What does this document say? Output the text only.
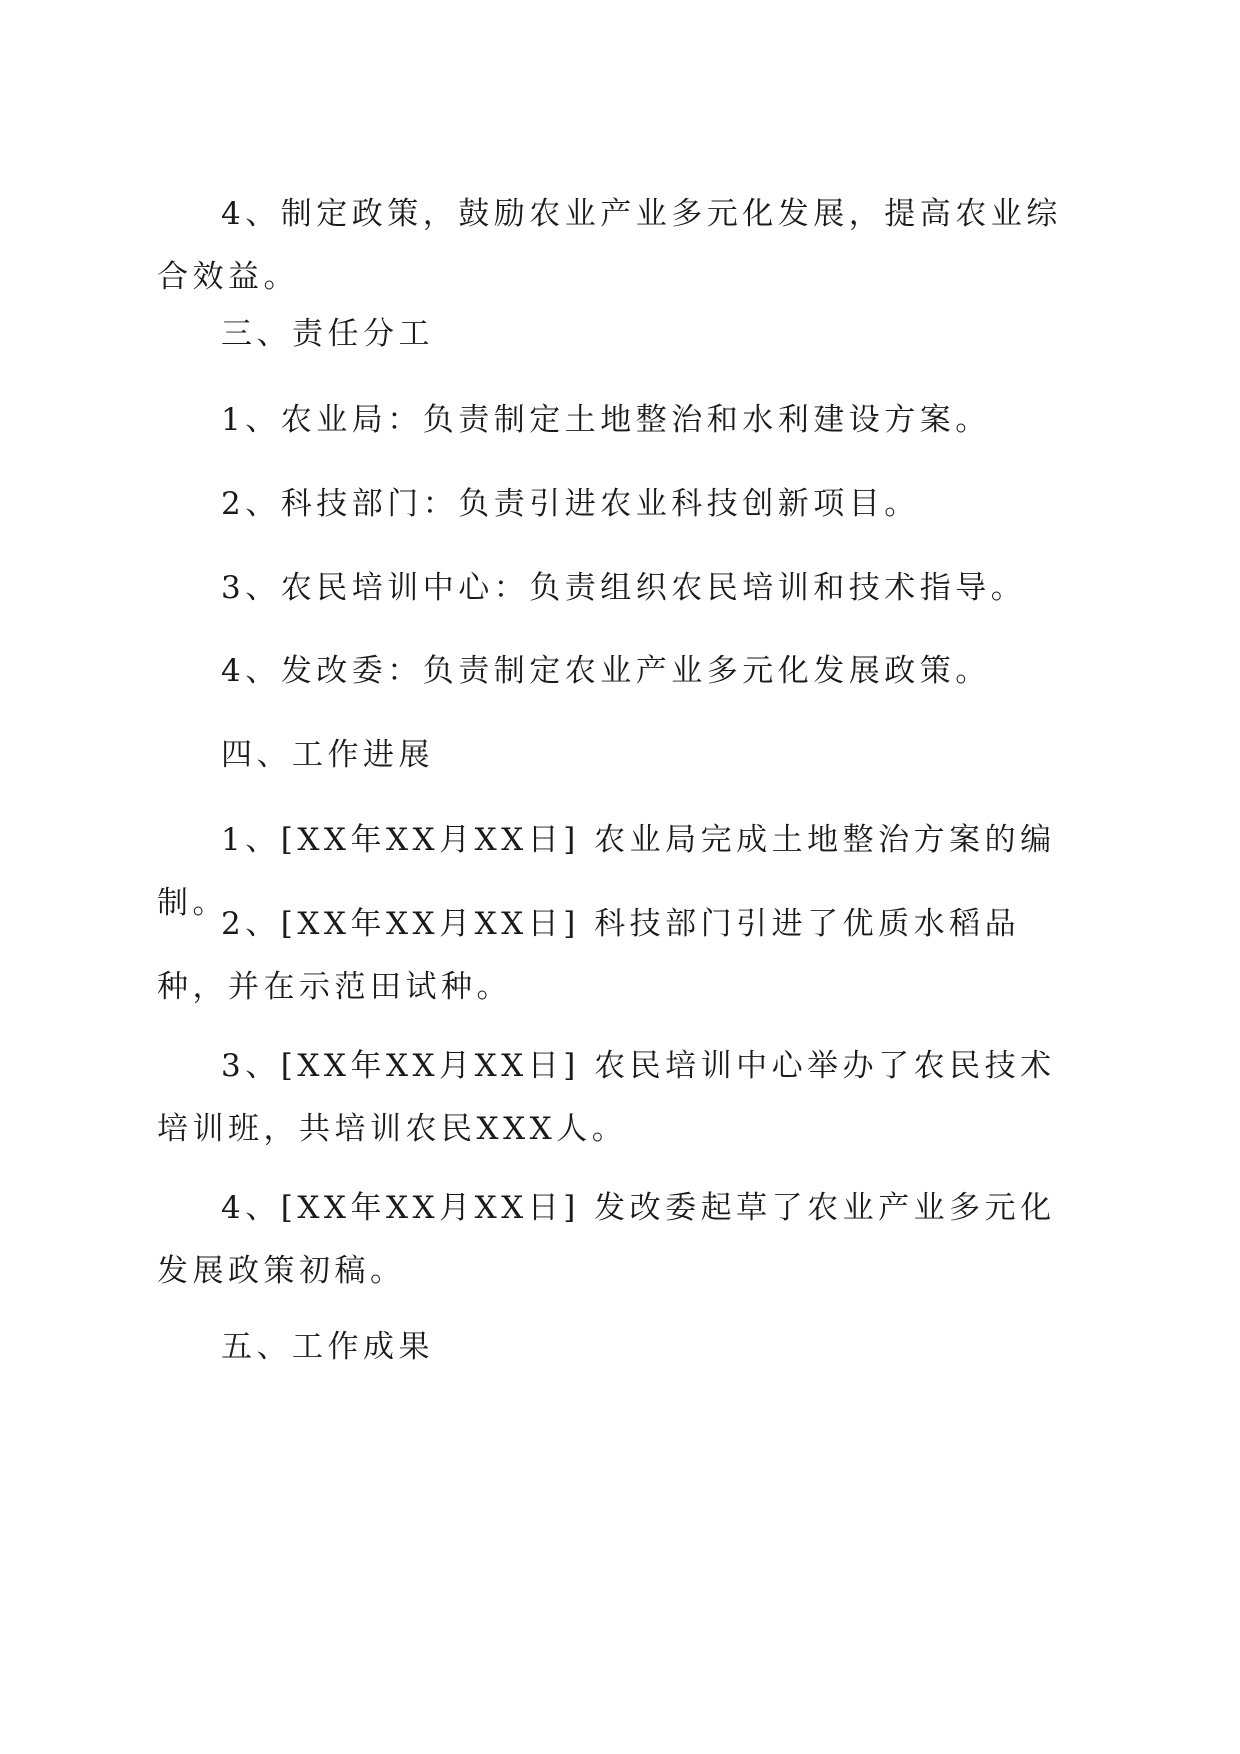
4、制定政策，鼓励农业产业多元化发展，提高农业综合效益。

三、责任分工

1、农业局：负责制定土地整治和水利建设方案。

2、科技部门：负责引进农业科技创新项目。

3、农民培训中心：负责组织农民培训和技术指导。

4、发改委：负责制定农业产业多元化发展政策。

四、工作进展

1、[XX年XX月XX日] 农业局完成土地整治方案的编制。

2、[XX年XX月XX日] 科技部门引进了优质水稻品种，并在示范田试种。

3、[XX年XX月XX日] 农民培训中心举办了农民技术培训班，共培训农民XXX人。

4、[XX年XX月XX日] 发改委起草了农业产业多元化发展政策初稿。

五、工作成果
